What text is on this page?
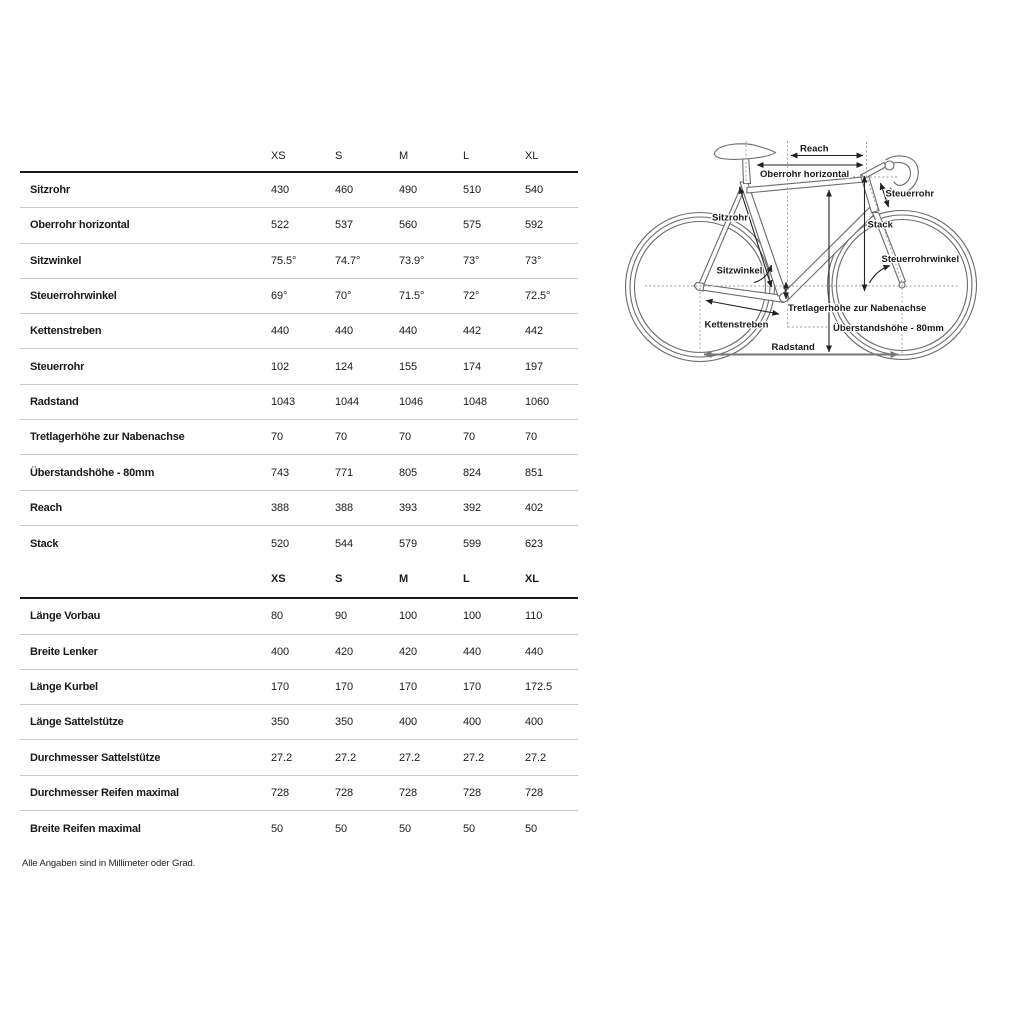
XS	S	M	L	XL
Sitzrohr	430	460	490	510	540
Oberrohr horizontal	522	537	560	575	592
Sitzwinkel	75.5°	74.7°	73.9°	73°	73°
Steuerrohrwinkel	69°	70°	71.5°	72°	72.5°
Kettenstreben	440	440	440	442	442
Steuerrohr	102	124	155	174	197
Radstand	1043	1044	1046	1048	1060
Tretlagerhöhe zur Nabenachse	70	70	70	70	70
Überstandshöhe - 80mm	743	771	805	824	851
Reach	388	388	393	392	402
Stack	520	544	579	599	623
XS	S	M	L	XL
Länge Vorbau	80	90	100	100	110
Breite Lenker	400	420	420	440	440
Länge Kurbel	170	170	170	170	172.5
Länge Sattelstütze	350	350	400	400	400
Durchmesser Sattelstütze	27.2	27.2	27.2	27.2	27.2
Durchmesser Reifen maximal	728	728	728	728	728
Breite Reifen maximal	50	50	50	50	50
Alle Angaben sind in Millimeter oder Grad.
Reach
Oberrohr horizontal
Steuerrohr
Sitzrohr
Stack
Steuerrohrwinkel
Sitzwinkel
Tretlagerhöhe zur Nabenachse
Kettenstreben	Überstandshöhe - 80mm
Radstand
